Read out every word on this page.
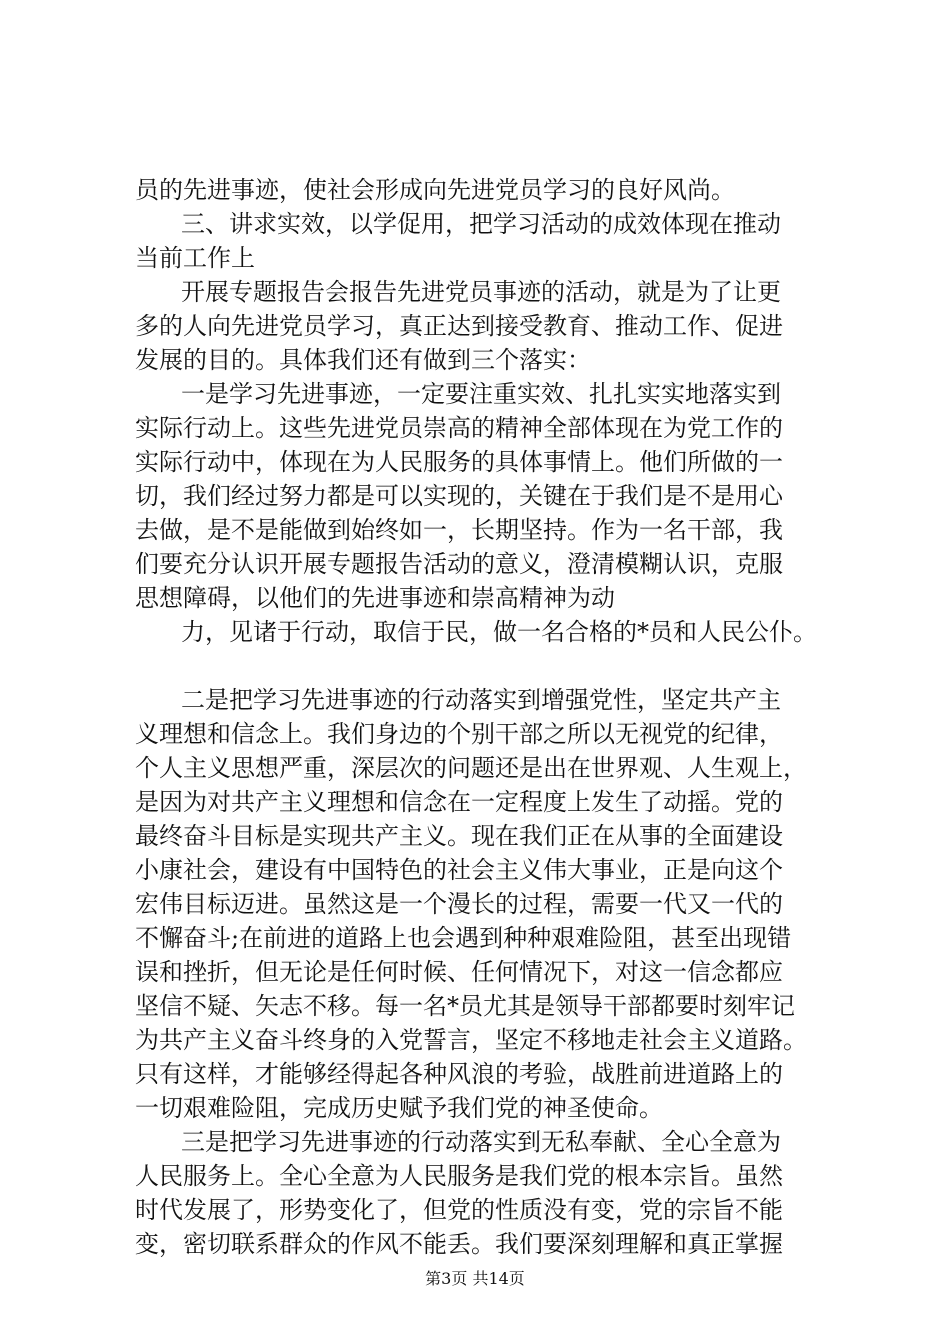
员的先进事迹，使社会形成向先进党员学习的良好风尚。
三、讲求实效，以学促用，把学习活动的成效体现在推动
当前工作上
开展专题报告会报告先进党员事迹的活动，就是为了让更
多的人向先进党员学习，真正达到接受教育、推动工作、促进
发展的目的。具体我们还有做到三个落实：
一是学习先进事迹，一定要注重实效、扎扎实实地落实到
实际行动上。这些先进党员崇高的精神全部体现在为党工作的
实际行动中，体现在为人民服务的具体事情上。他们所做的一
切，我们经过努力都是可以实现的，关键在于我们是不是用心
去做，是不是能做到始终如一，长期坚持。作为一名干部，我
们要充分认识开展专题报告活动的意义，澄清模糊认识，克服
思想障碍，以他们的先进事迹和崇高精神为动
力，见诸于行动，取信于民，做一名合格的*员和人民公仆。
二是把学习先进事迹的行动落实到增强党性，坚定共产主
义理想和信念上。我们身边的个别干部之所以无视党的纪律，
个人主义思想严重，深层次的问题还是出在世界观、人生观上，
是因为对共产主义理想和信念在一定程度上发生了动摇。党的
最终奋斗目标是实现共产主义。现在我们正在从事的全面建设
小康社会，建设有中国特色的社会主义伟大事业，正是向这个
宏伟目标迈进。虽然这是一个漫长的过程，需要一代又一代的
不懈奋斗;在前进的道路上也会遇到种种艰难险阻，甚至出现错
误和挫折，但无论是任何时候、任何情况下，对这一信念都应
坚信不疑、矢志不移。每一名*员尤其是领导干部都要时刻牢记
为共产主义奋斗终身的入党誓言，坚定不移地走社会主义道路。
只有这样，才能够经得起各种风浪的考验，战胜前进道路上的
一切艰难险阻，完成历史赋予我们党的神圣使命。
三是把学习先进事迹的行动落实到无私奉献、全心全意为
人民服务上。全心全意为人民服务是我们党的根本宗旨。虽然
时代发展了，形势变化了，但党的性质没有变，党的宗旨不能
变，密切联系群众的作风不能丢。我们要深刻理解和真正掌握
第3页 共14页
